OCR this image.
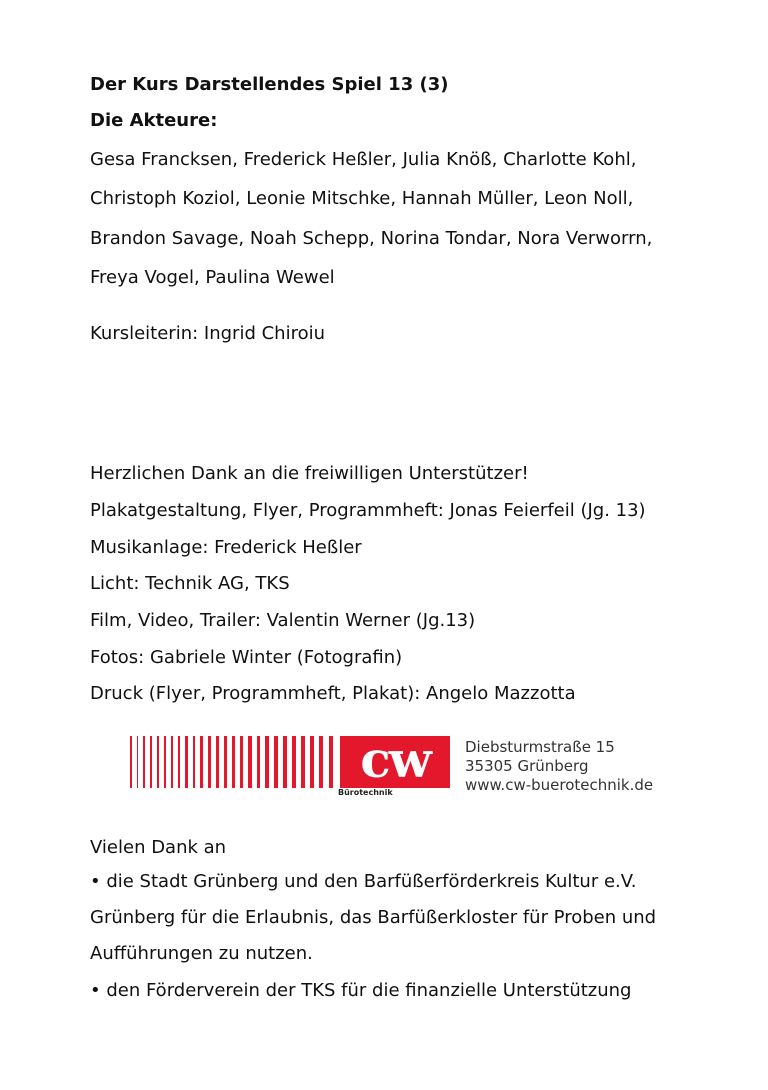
Der Kurs Darstellendes Spiel 13 (3)
Die Akteure:
Gesa Francksen, Frederick Heßler, Julia Knöß, Charlotte Kohl,
Christoph Koziol, Leonie Mitschke, Hannah Müller, Leon Noll,
Brandon Savage, Noah Schepp, Norina Tondar, Nora Verworrn,
Freya Vogel, Paulina Wewel
Kursleiterin: Ingrid Chiroiu
Herzlichen Dank an die freiwilligen Unterstützer!
Plakatgestaltung, Flyer, Programmheft: Jonas Feierfeil (Jg. 13)
Musikanlage: Frederick Heßler
Licht: Technik AG, TKS
Film, Video, Trailer: Valentin Werner (Jg.13)
Fotos: Gabriele Winter (Fotografin)
Druck (Flyer, Programmheft, Plakat): Angelo Mazzotta
cw
Bürotechnik
Diebsturmstraße 15
35305 Grünberg
www.cw-buerotechnik.de
Vielen Dank an
• die Stadt Grünberg und den Barfüßerförderkreis Kultur e.V.
Grünberg für die Erlaubnis, das Barfüßerkloster für Proben und
Aufführungen zu nutzen.
• den Förderverein der TKS für die finanzielle Unterstützung
